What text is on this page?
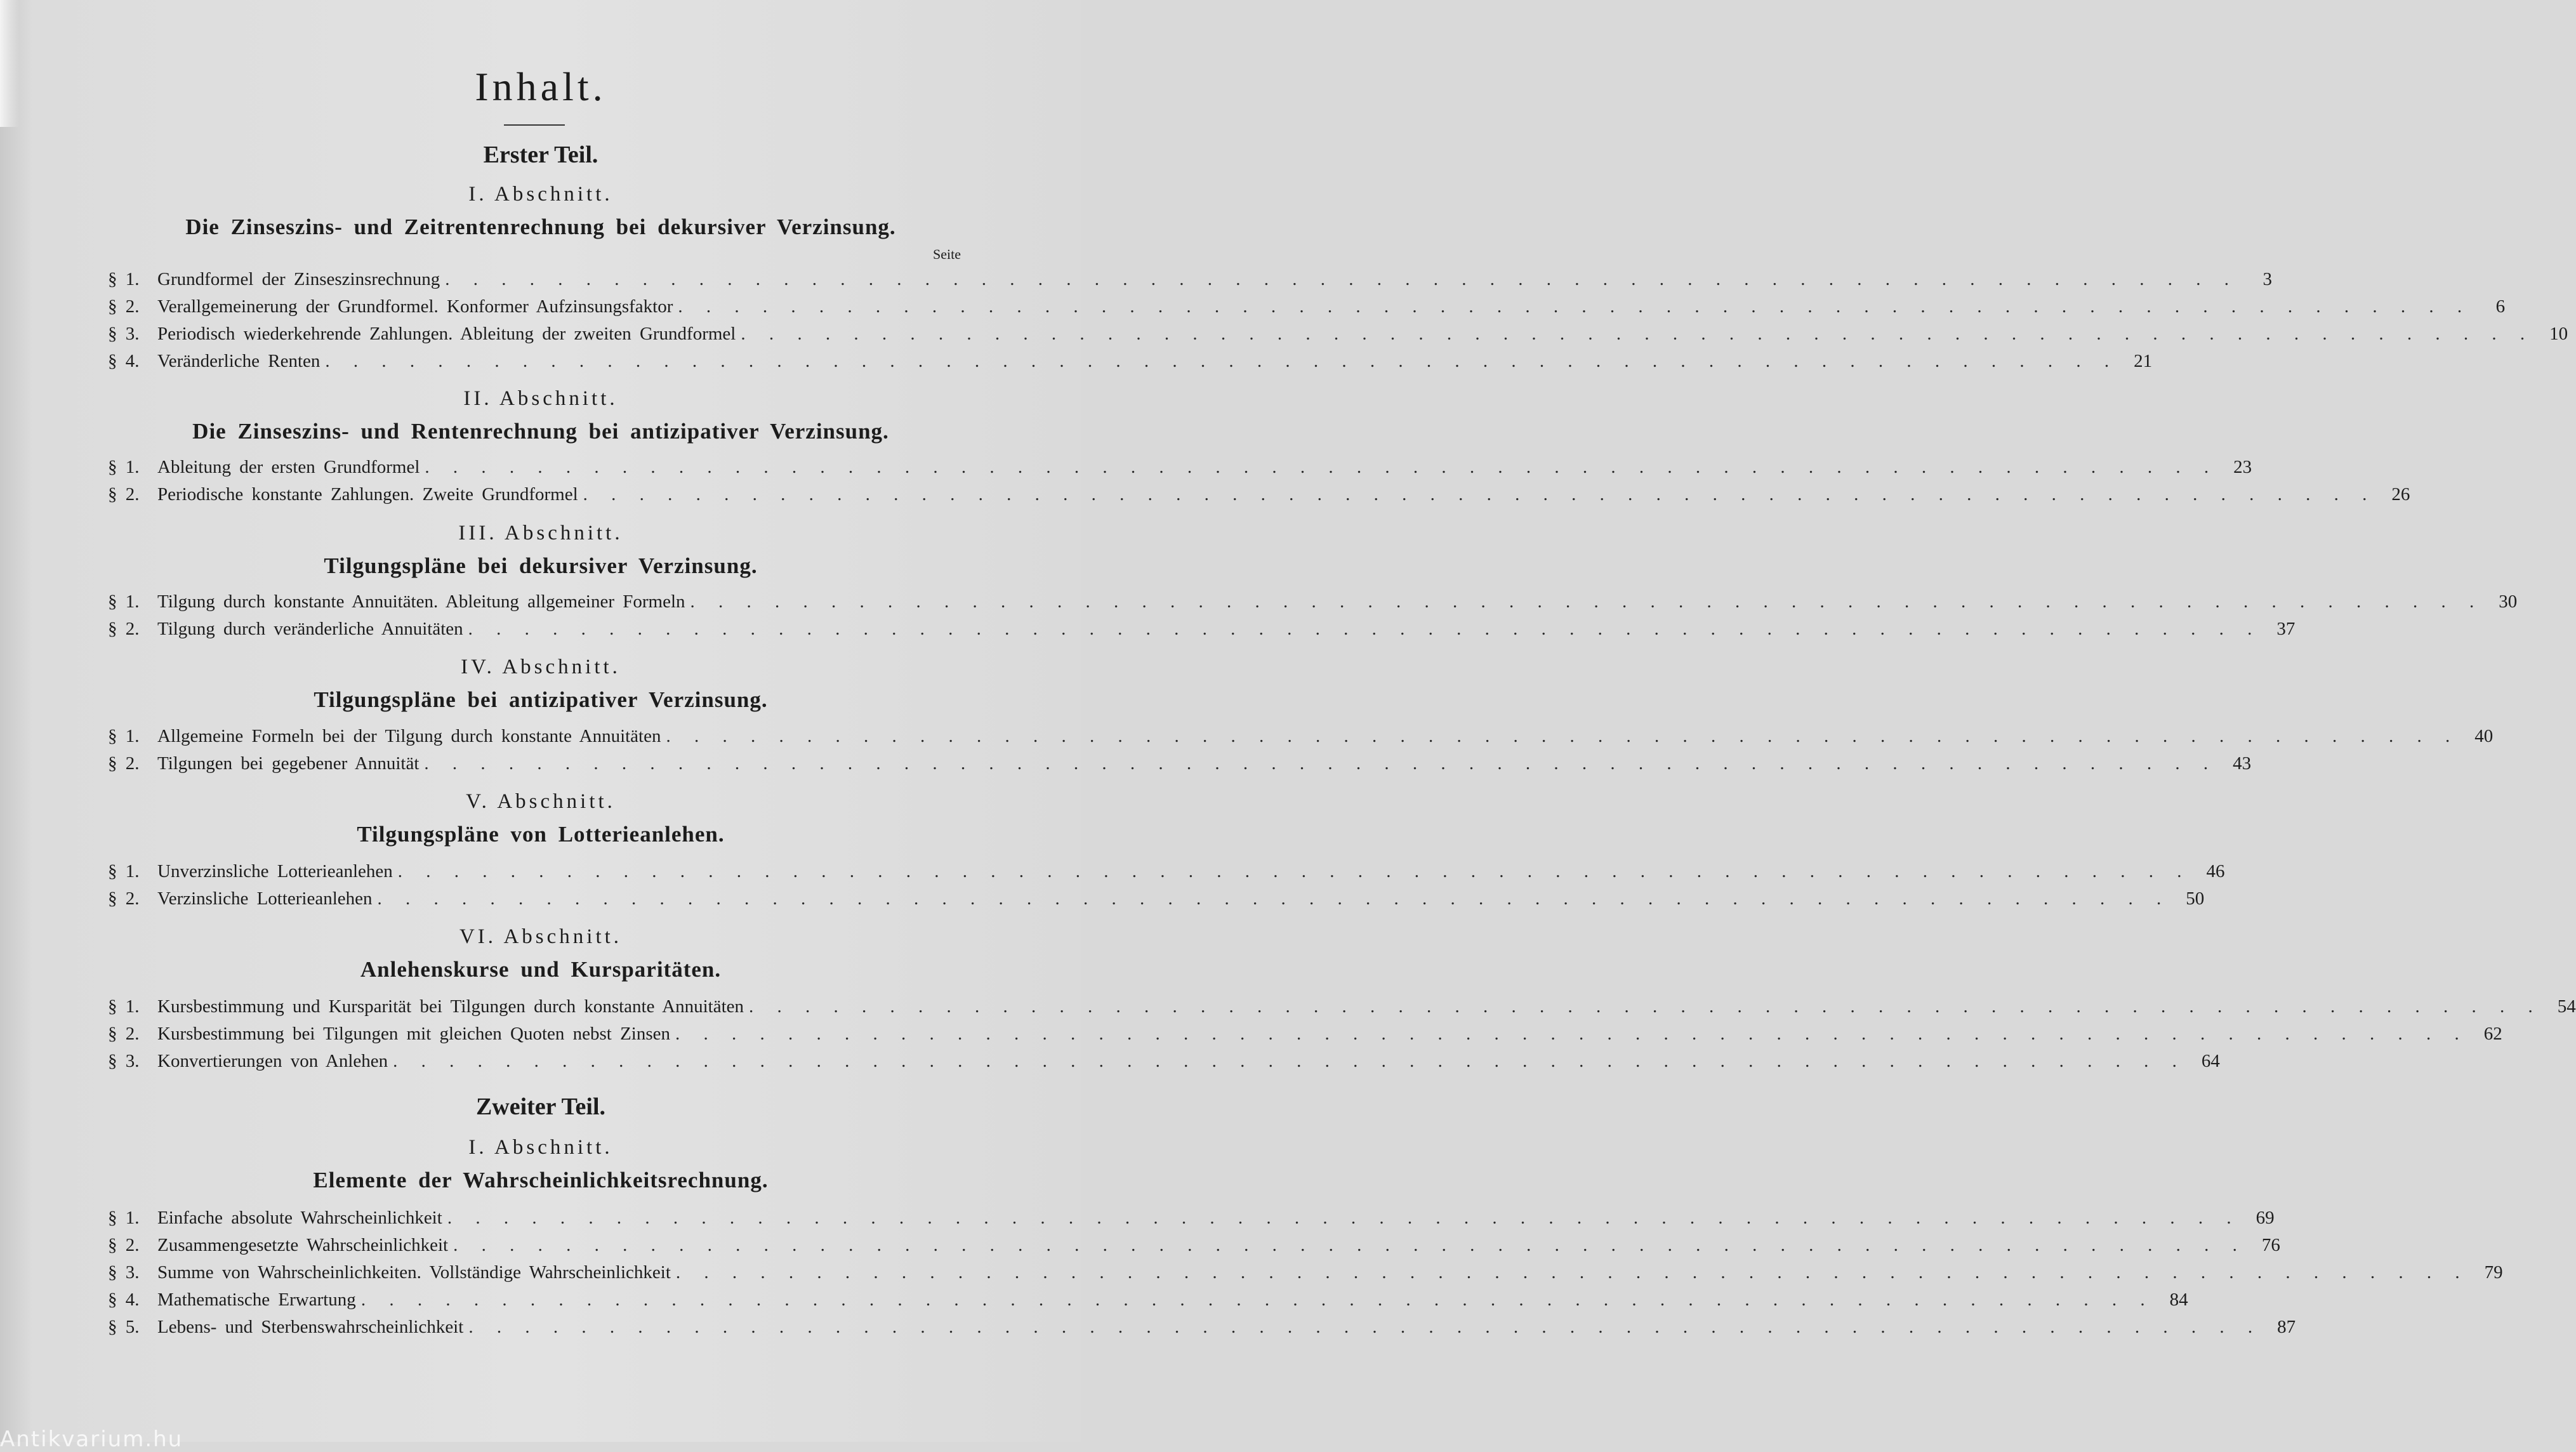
Inhalt.
Erster Teil.
I. Abschnitt.
Die Zinseszins- und Zeitrentenrechnung bei dekursiver Verzinsung.
Seite
§ 1. Grundformel der Zinseszinsrechnung . . . . . . . . . . . . . . . . . . . . . . . . . . . . . . . . . . . . . . . . . . . . . . . . . . . . . . . . . . . . . . . .	3
§ 2. Verallgemeinerung der Grundformel. Konformer Aufzinsungsfaktor . . . . . . . . . . . . . . . . . . . . . . . . . . . . . . . . . . . . . . . . . . . . . . . . . . . . . . . . . . . . . . . .	6
§ 3. Periodisch wiederkehrende Zahlungen. Ableitung der zweiten Grundformel . . . . . . . . . . . . . . . . . . . . . . . . . . . . . . . . . . . . . . . . . . . . . . . . . . . . . . . . . . . . . . . . 10
§ 4. Veränderliche Renten . . . . . . . . . . . . . . . . . . . . . . . . . . . . . . . . . . . . . . . . . . . . . . . . . . . . . . . . . . . . . . . . 21
II. Abschnitt.
Die Zinseszins- und Rentenrechnung bei antizipativer Verzinsung.
§ 1. Ableitung der ersten Grundformel . . . . . . . . . . . . . . . . . . . . . . . . . . . . . . . . . . . . . . . . . . . . . . . . . . . . . . . . . . . . . . . . 23
§ 2. Periodische konstante Zahlungen. Zweite Grundformel . . . . . . . . . . . . . . . . . . . . . . . . . . . . . . . . . . . . . . . . . . . . . . . . . . . . . . . . . . . . . . . . 26
III. Abschnitt.
Tilgungspläne bei dekursiver Verzinsung.
§ 1. Tilgung durch konstante Annuitäten. Ableitung allgemeiner Formeln . . . . . . . . . . . . . . . . . . . . . . . . . . . . . . . . . . . . . . . . . . . . . . . . . . . . . . . . . . . . . . . . 30
§ 2. Tilgung durch veränderliche Annuitäten . . . . . . . . . . . . . . . . . . . . . . . . . . . . . . . . . . . . . . . . . . . . . . . . . . . . . . . . . . . . . . . . 37
IV. Abschnitt.
Tilgungspläne bei antizipativer Verzinsung.
§ 1. Allgemeine Formeln bei der Tilgung durch konstante Annuitäten . . . . . . . . . . . . . . . . . . . . . . . . . . . . . . . . . . . . . . . . . . . . . . . . . . . . . . . . . . . . . . . . 40
§ 2. Tilgungen bei gegebener Annuität . . . . . . . . . . . . . . . . . . . . . . . . . . . . . . . . . . . . . . . . . . . . . . . . . . . . . . . . . . . . . . . . 43
V. Abschnitt.
Tilgungspläne von Lotterieanlehen.
§ 1. Unverzinsliche Lotterieanlehen . . . . . . . . . . . . . . . . . . . . . . . . . . . . . . . . . . . . . . . . . . . . . . . . . . . . . . . . . . . . . . . . 46
§ 2. Verzinsliche Lotterieanlehen . . . . . . . . . . . . . . . . . . . . . . . . . . . . . . . . . . . . . . . . . . . . . . . . . . . . . . . . . . . . . . . . 50
VI. Abschnitt.
Anlehenskurse und Kursparitäten.
§ 1. Kursbestimmung und Kursparität bei Tilgungen durch konstante Annuitäten . . . . . . . . . . . . . . . . . . . . . . . . . . . . . . . . . . . . . . . . . . . . . . . . . . . . . . . . . . . . . . . . 54
§ 2. Kursbestimmung bei Tilgungen mit gleichen Quoten nebst Zinsen . . . . . . . . . . . . . . . . . . . . . . . . . . . . . . . . . . . . . . . . . . . . . . . . . . . . . . . . . . . . . . . . 62
§ 3. Konvertierungen von Anlehen . . . . . . . . . . . . . . . . . . . . . . . . . . . . . . . . . . . . . . . . . . . . . . . . . . . . . . . . . . . . . . . . 64
Zweiter Teil.
I. Abschnitt.
Elemente der Wahrscheinlichkeitsrechnung.
§ 1. Einfache absolute Wahrscheinlichkeit . . . . . . . . . . . . . . . . . . . . . . . . . . . . . . . . . . . . . . . . . . . . . . . . . . . . . . . . . . . . . . . . 69
§ 2. Zusammengesetzte Wahrscheinlichkeit . . . . . . . . . . . . . . . . . . . . . . . . . . . . . . . . . . . . . . . . . . . . . . . . . . . . . . . . . . . . . . . . 76
§ 3. Summe von Wahrscheinlichkeiten. Vollständige Wahrscheinlichkeit . . . . . . . . . . . . . . . . . . . . . . . . . . . . . . . . . . . . . . . . . . . . . . . . . . . . . . . . . . . . . . . . 79
§ 4. Mathematische Erwartung . . . . . . . . . . . . . . . . . . . . . . . . . . . . . . . . . . . . . . . . . . . . . . . . . . . . . . . . . . . . . . . . 84
§ 5. Lebens- und Sterbenswahrscheinlichkeit . . . . . . . . . . . . . . . . . . . . . . . . . . . . . . . . . . . . . . . . . . . . . . . . . . . . . . . . . . . . . . . . 87
Antikvarium.hu
